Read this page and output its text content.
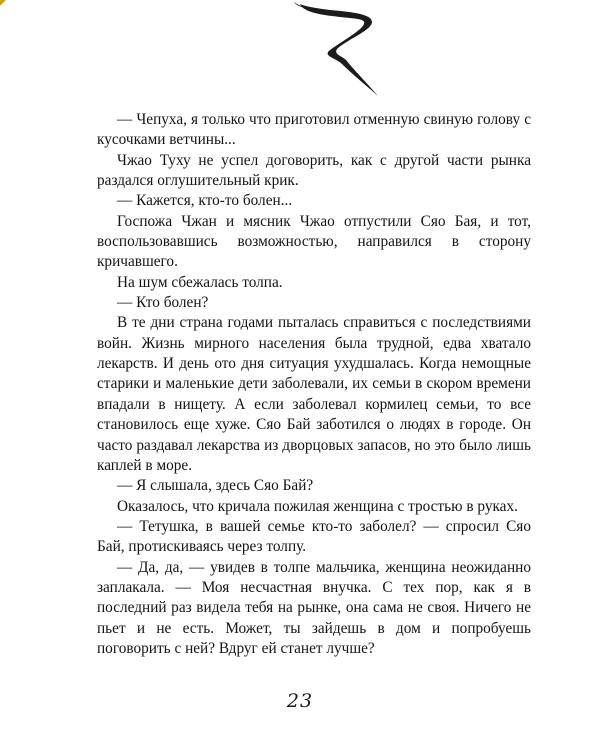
— Чепуха, я только что приготовил отменную свиную голову с кусочками ветчины...

Чжао Туху не успел договорить, как с другой части рынка раздался оглушительный крик.

— Кажется, кто-то болен...

Госпожа Чжан и мясник Чжао отпустили Сяо Бая, и тот, воспользовавшись возможностью, направился в сторону кричавшего.

На шум сбежалась толпа.

— Кто болен?

В те дни страна годами пыталась справиться с последствиями войн. Жизнь мирного населения была трудной, едва хватало лекарств. И день ото дня ситуация ухудшалась. Когда немощные старики и маленькие дети заболевали, их семьи в скором времени впадали в нищету. А если заболевал кормилец семьи, то все становилось еще хуже. Сяо Бай заботился о людях в городе. Он часто раздавал лекарства из дворцовых запасов, но это было лишь каплей в море.

— Я слышала, здесь Сяо Бай?

Оказалось, что кричала пожилая женщина с тростью в руках.

— Тетушка, в вашей семье кто-то заболел? — спросил Сяо Бай, протискиваясь через толпу.

— Да, да, — увидев в толпе мальчика, женщина неожиданно заплакала. — Моя несчастная внучка. С тех пор, как я в последний раз видела тебя на рынке, она сама не своя. Ничего не пьет и не есть. Может, ты зайдешь в дом и попробуешь поговорить с ней? Вдруг ей станет лучше?

23
